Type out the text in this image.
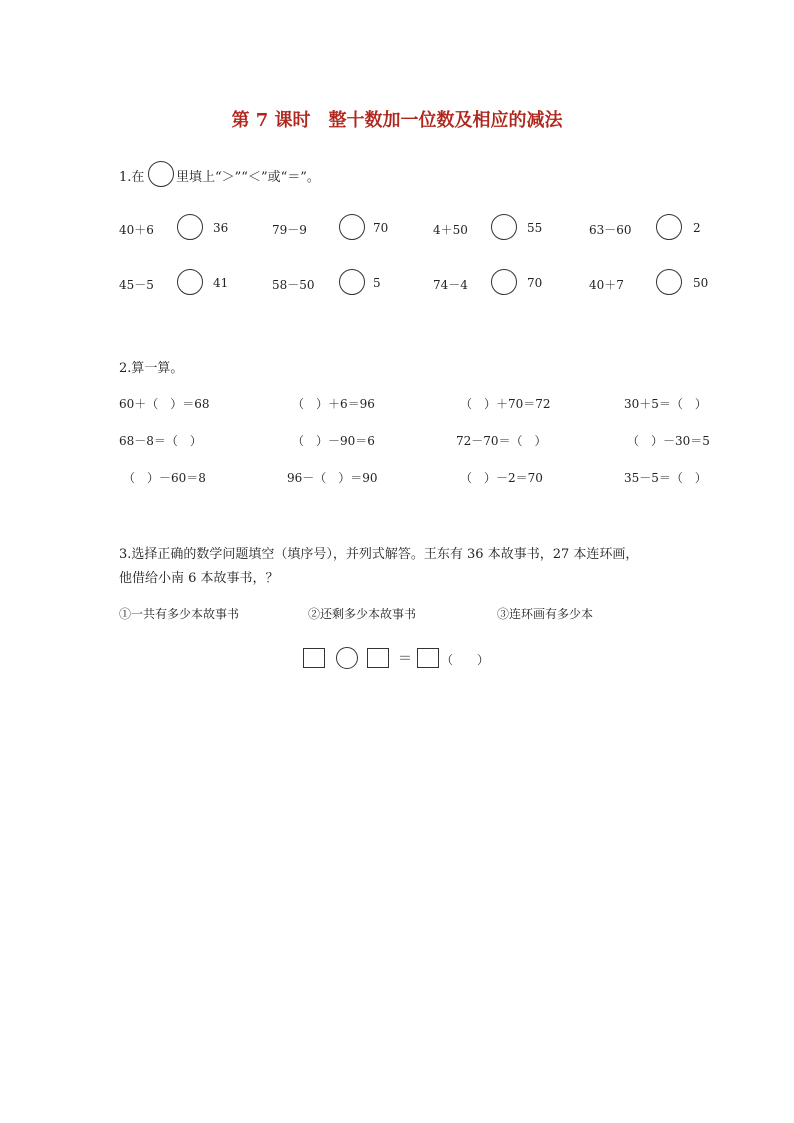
第 7 课时　整十数加一位数及相应的减法
1.在 里填上“＞”“＜”或“＝”。
40＋6	36	79－9	70	4＋50	55	63－60	2
45－5	41	58－50	5	74－4	70	40＋7	50
2.算一算。
60＋（　）＝68	（　）＋6＝96	（　）＋70＝72	30＋5＝（　）
68－8＝（　）	（　）－90＝6	72－70＝（　）	（　）－30＝5
（　）－60＝8	96－（　）＝90	（　）－2＝70	35－5＝（　）
3.选择正确的数学问题填空（填序号），并列式解答。王东有 36 本故事书，27 本连环画，
他借给小南 6 本故事书，？
①一共有多少本故事书	②还剩多少本故事书	③连环画有多少本
＝ （　　）
